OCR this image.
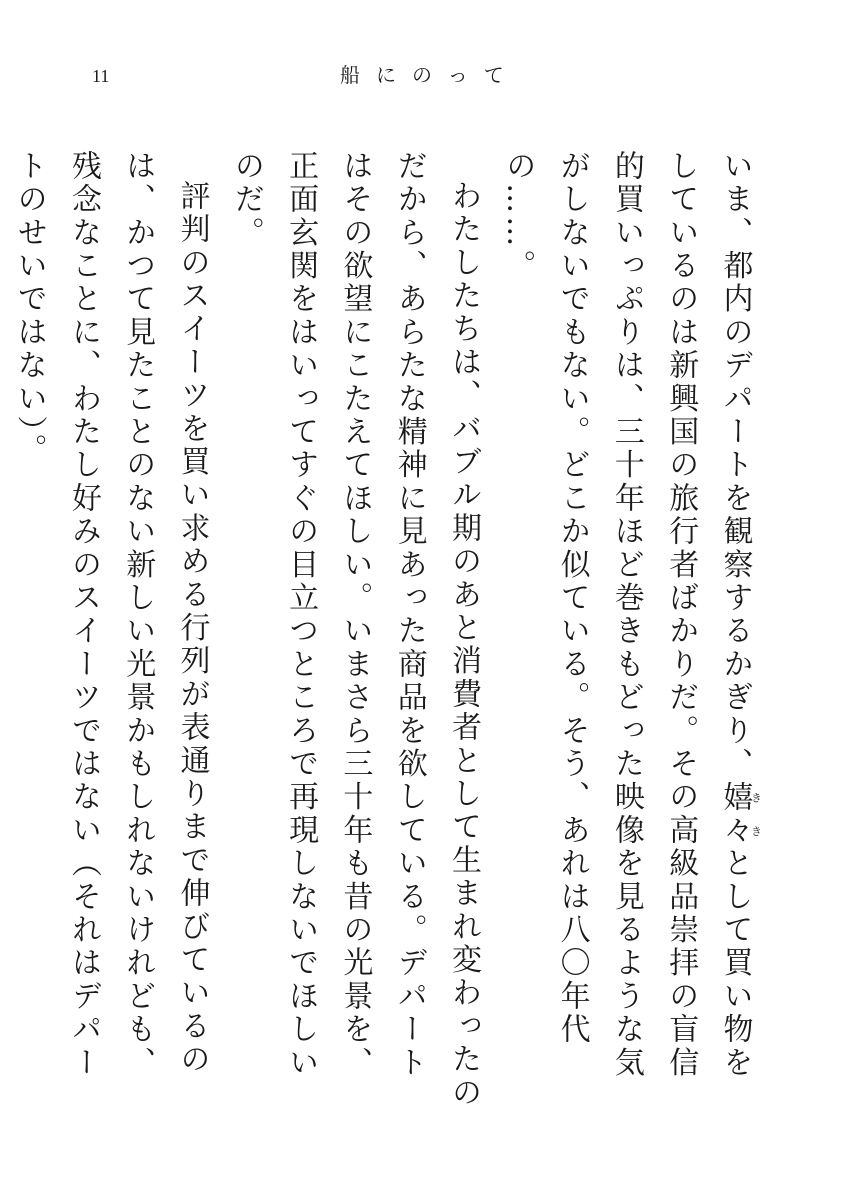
11	船にのって

いま、都内のデパートを観察するかぎり、嬉々ききとして買い物をしているのは新興国の旅行者ばかりだ。その高級品崇拝の盲信的買いっぷりは、三十年ほど巻きもどった映像を見るような気がしないでもない。どこか似ている。そう、あれは八〇年代の……。

わたしたちは、バブル期のあと消費者として生まれ変わったのだから、あらたな精神に見あった商品を欲している。デパートはその欲望にこたえてほしい。いまさら三十年も昔の光景を、正面玄関をはいってすぐの目立つところで再現しないでほしいのだ。

評判のスイーツを買い求める行列が表通りまで伸びているのは、かつて見たことのない新しい光景かもしれないけれども、残念なことに、わたし好みのスイーツではない（それはデパートのせいではない）。
